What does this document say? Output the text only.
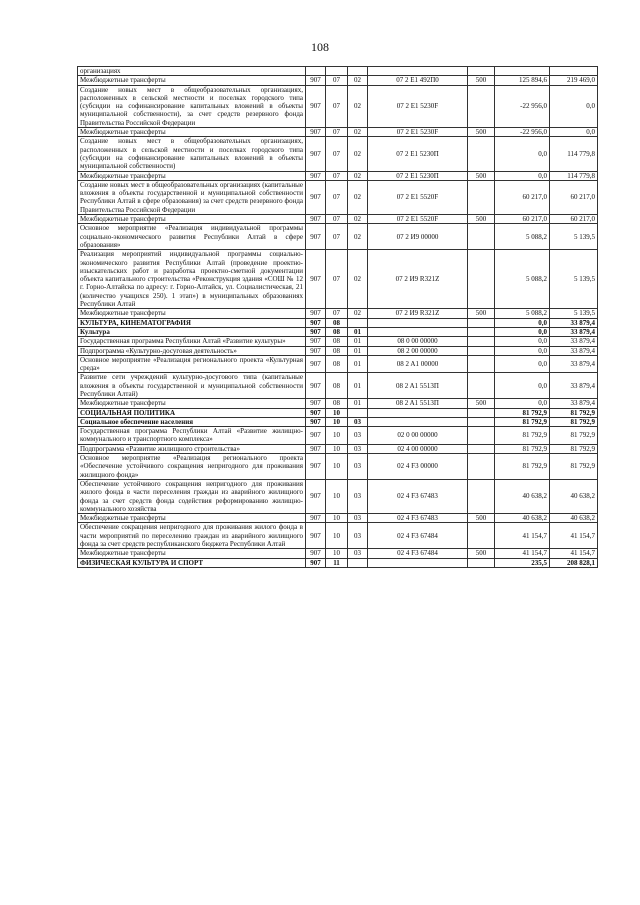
108
организациях							
Межбюджетные трансферты	907	07	02	07 2 E1 492П0	500	125 894,6	219 469,0
Создание новых мест в общеобразовательных организациях, расположенных в сельской местности и поселках городского типа (субсидии на софинансирование капитальных вложений в объекты муниципальной собственности), за счет средств резервного фонда Правительства Российской Федерации	907	07	02	07 2 E1 5230F		-22 956,0	0,0
Межбюджетные трансферты	907	07	02	07 2 E1 5230F	500	-22 956,0	0,0
Создание новых мест в общеобразовательных организациях, расположенных в сельской местности и поселках городского типа (субсидии на софинансирование капитальных вложений в объекты муниципальной собственности)	907	07	02	07 2 E1 5230П		0,0	114 779,8
Межбюджетные трансферты	907	07	02	07 2 E1 5230П	500	0,0	114 779,8
Создание новых мест в общеобразовательных организациях (капитальные вложения в объекты государственной и муниципальной собственности Республики Алтай в сфере образования) за счет средств резервного фонда Правительства Российской Федерации	907	07	02	07 2 E1 5520F		60 217,0	60 217,0
Межбюджетные трансферты	907	07	02	07 2 E1 5520F	500	60 217,0	60 217,0
Основное мероприятие «Реализация индивидуальной программы социально-экономического развития Республики Алтай в сфере образования»	907	07	02	07 2 И9 00000		5 088,2	5 139,5
Реализация мероприятий индивидуальной программы социально-экономического развития Республики Алтай (проведение проектно-изыскательских работ и разработка проектно-сметной документации объекта капитального строительства «Реконструкция здания «СОШ № 12 г. Горно-Алтайска по адресу: г. Горно-Алтайск, ул. Социалистическая, 21 (количество учащихся 250). 1 этап») в муниципальных образованиях Республики Алтай	907	07	02	07 2 И9 R321Z		5 088,2	5 139,5
Межбюджетные трансферты	907	07	02	07 2 И9 R321Z	500	5 088,2	5 139,5
КУЛЬТУРА, КИНЕМАТОГРАФИЯ	907	08				0,0	33 879,4
Культура	907	08	01			0,0	33 879,4
Государственная программа Республики Алтай «Развитие культуры»	907	08	01	08 0 00 00000		0,0	33 879,4
Подпрограмма «Культурно-досуговая деятельность»	907	08	01	08 2 00 00000		0,0	33 879,4
Основное мероприятие «Реализация регионального проекта «Культурная среда»	907	08	01	08 2 A1 00000		0,0	33 879,4
Развитие сети учреждений культурно-досугового типа (капитальные вложения в объекты государственной и муниципальной собственности Республики Алтай)	907	08	01	08 2 A1 5513П		0,0	33 879,4
Межбюджетные трансферты	907	08	01	08 2 A1 5513П	500	0,0	33 879,4
СОЦИАЛЬНАЯ ПОЛИТИКА	907	10				81 792,9	81 792,9
Социальное обеспечение населения	907	10	03			81 792,9	81 792,9
Государственная программа Республики Алтай «Развитие жилищно-коммунального и транспортного комплекса»	907	10	03	02 0 00 00000		81 792,9	81 792,9
Подпрограмма «Развитие жилищного строительства»	907	10	03	02 4 00 00000		81 792,9	81 792,9
Основное мероприятие «Реализация регионального проекта «Обеспечение устойчивого сокращения непригодного для проживания жилищного фонда»	907	10	03	02 4 F3 00000		81 792,9	81 792,9
Обеспечение устойчивого сокращения непригодного для проживания жилого фонда в части переселения граждан из аварийного жилищного фонда за счет средств фонда содействия реформированию жилищно-коммунального хозяйства	907	10	03	02 4 F3 67483		40 638,2	40 638,2
Межбюджетные трансферты	907	10	03	02 4 F3 67483	500	40 638,2	40 638,2
Обеспечение сокращения непригодного для проживания жилого фонда в части мероприятий по переселению граждан из аварийного жилищного фонда за счет средств республиканского бюджета Республики Алтай	907	10	03	02 4 F3 67484		41 154,7	41 154,7
Межбюджетные трансферты	907	10	03	02 4 F3 67484	500	41 154,7	41 154,7
ФИЗИЧЕСКАЯ КУЛЬТУРА И СПОРТ	907	11				235,5	208 828,1
